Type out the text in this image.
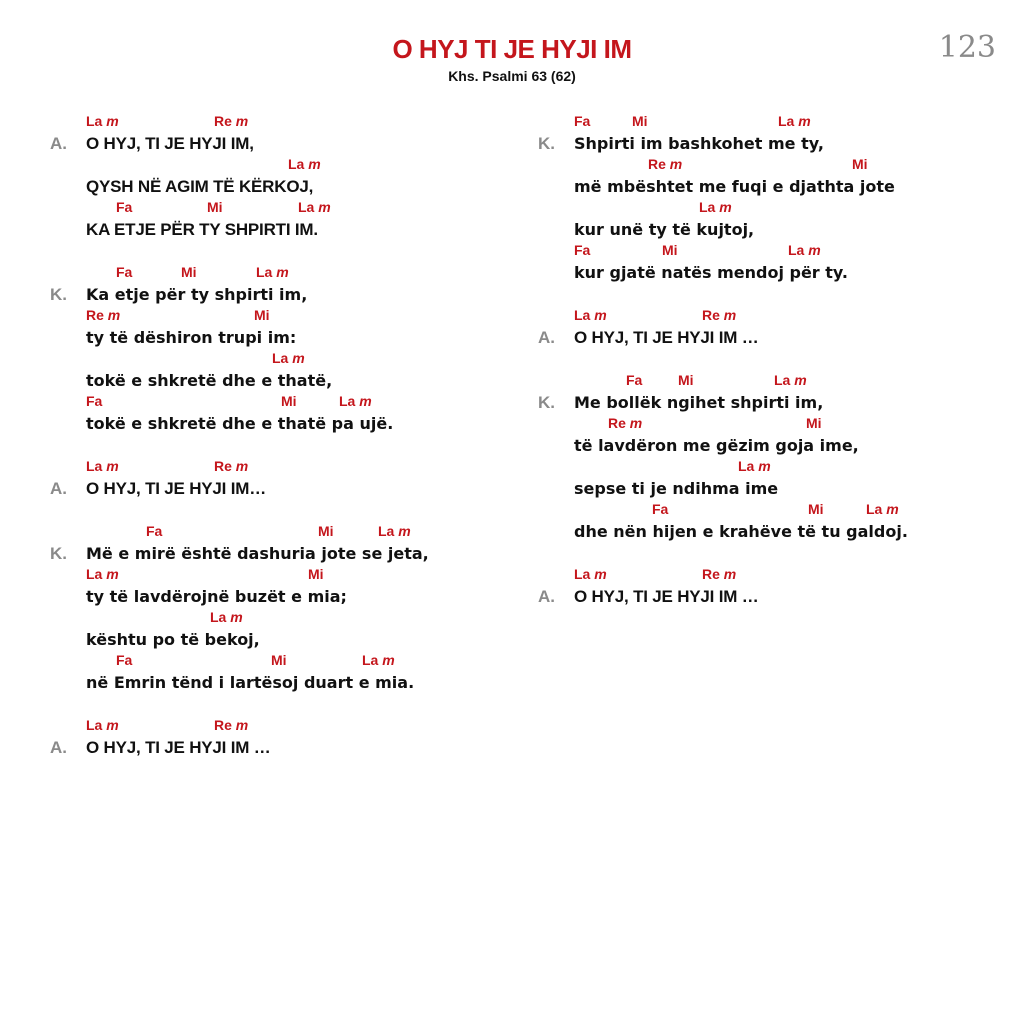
123
O HYJ TI JE HYJI IM
Khs. Psalmi 63 (62)
La m	Re m
O HYJ, TI JE HYJI IM,
A.
La m
QYSH NË AGIM TË KËRKOJ,
Fa	Mi	La m
KA ETJE PËR TY SHPIRTI IM.
Fa	Mi	La m
Ka etje për ty shpirti im,
K.
Re m	Mi
ty të dëshiron trupi im:
La m
tokë e shkretë dhe e thatë,
Fa	Mi	La m
tokë e shkretë dhe e thatë pa ujë.
La m	Re m
O HYJ, TI JE HYJI IM…
A.
Fa	Mi	La m
Më e mirë është dashuria jote se jeta,
K.
La m	Mi
ty të lavdërojnë buzët e mia;
La m
kështu po të bekoj,
Fa	Mi	La m
në Emrin tënd i lartësoj duart e mia.
La m	Re m
O HYJ, TI JE HYJI IM …
A.
Fa	Mi	La m
Shpirti im bashkohet me ty,
K.
Re m	Mi
më mbështet me fuqi e djathta jote
La m
kur unë ty të kujtoj,
Fa	Mi	La m
kur gjatë natës mendoj për ty.
La m	Re m
O HYJ, TI JE HYJI IM …
A.
Fa	Mi	La m
Me bollëk ngihet shpirti im,
K.
Re m	Mi
të lavdëron me gëzim goja ime,
La m
sepse ti je ndihma ime
Fa	Mi	La m
dhe nën hijen e krahëve të tu galdoj.
La m	Re m
O HYJ, TI JE HYJI IM …
A.
